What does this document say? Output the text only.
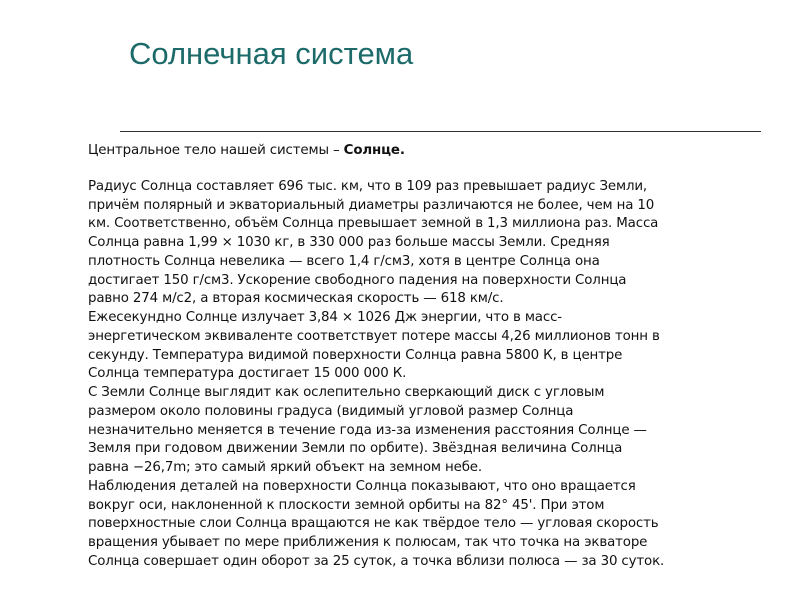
Солнечная система
Центральное тело нашей системы – Солнце.
Радиус Солнца составляет 696 тыс. км, что в 109 раз превышает радиус Земли,
причём полярный и экваториальный диаметры различаются не более, чем на 10
км. Соответственно, объём Солнца превышает земной в 1,3 миллиона раз. Масса
Солнца равна 1,99 × 1030 кг, в 330 000 раз больше массы Земли. Средняя
плотность Солнца невелика — всего 1,4 г/см3, хотя в центре Солнца она
достигает 150 г/см3. Ускорение свободного падения на поверхности Солнца
равно 274 м/с2, а вторая космическая скорость — 618 км/с.
Ежесекундно Солнце излучает 3,84 × 1026 Дж энергии, что в масс-
энергетическом эквиваленте соответствует потере массы 4,26 миллионов тонн в
секунду. Температура видимой поверхности Солнца равна 5800 К, в центре
Солнца температура достигает 15 000 000 К.
С Земли Солнце выглядит как ослепительно сверкающий диск с угловым
размером около половины градуса (видимый угловой размер Солнца
незначительно меняется в течение года из-за изменения расстояния Солнце —
Земля при годовом движении Земли по орбите). Звёздная величина Солнца
равна −26,7m; это самый яркий объект на земном небе.
Наблюдения деталей на поверхности Солнца показывают, что оно вращается
вокруг оси, наклоненной к плоскости земной орбиты на 82° 45'. При этом
поверхностные слои Солнца вращаются не как твёрдое тело — угловая скорость
вращения убывает по мере приближения к полюсам, так что точка на экваторе
Солнца совершает один оборот за 25 суток, а точка вблизи полюса — за 30 суток.
